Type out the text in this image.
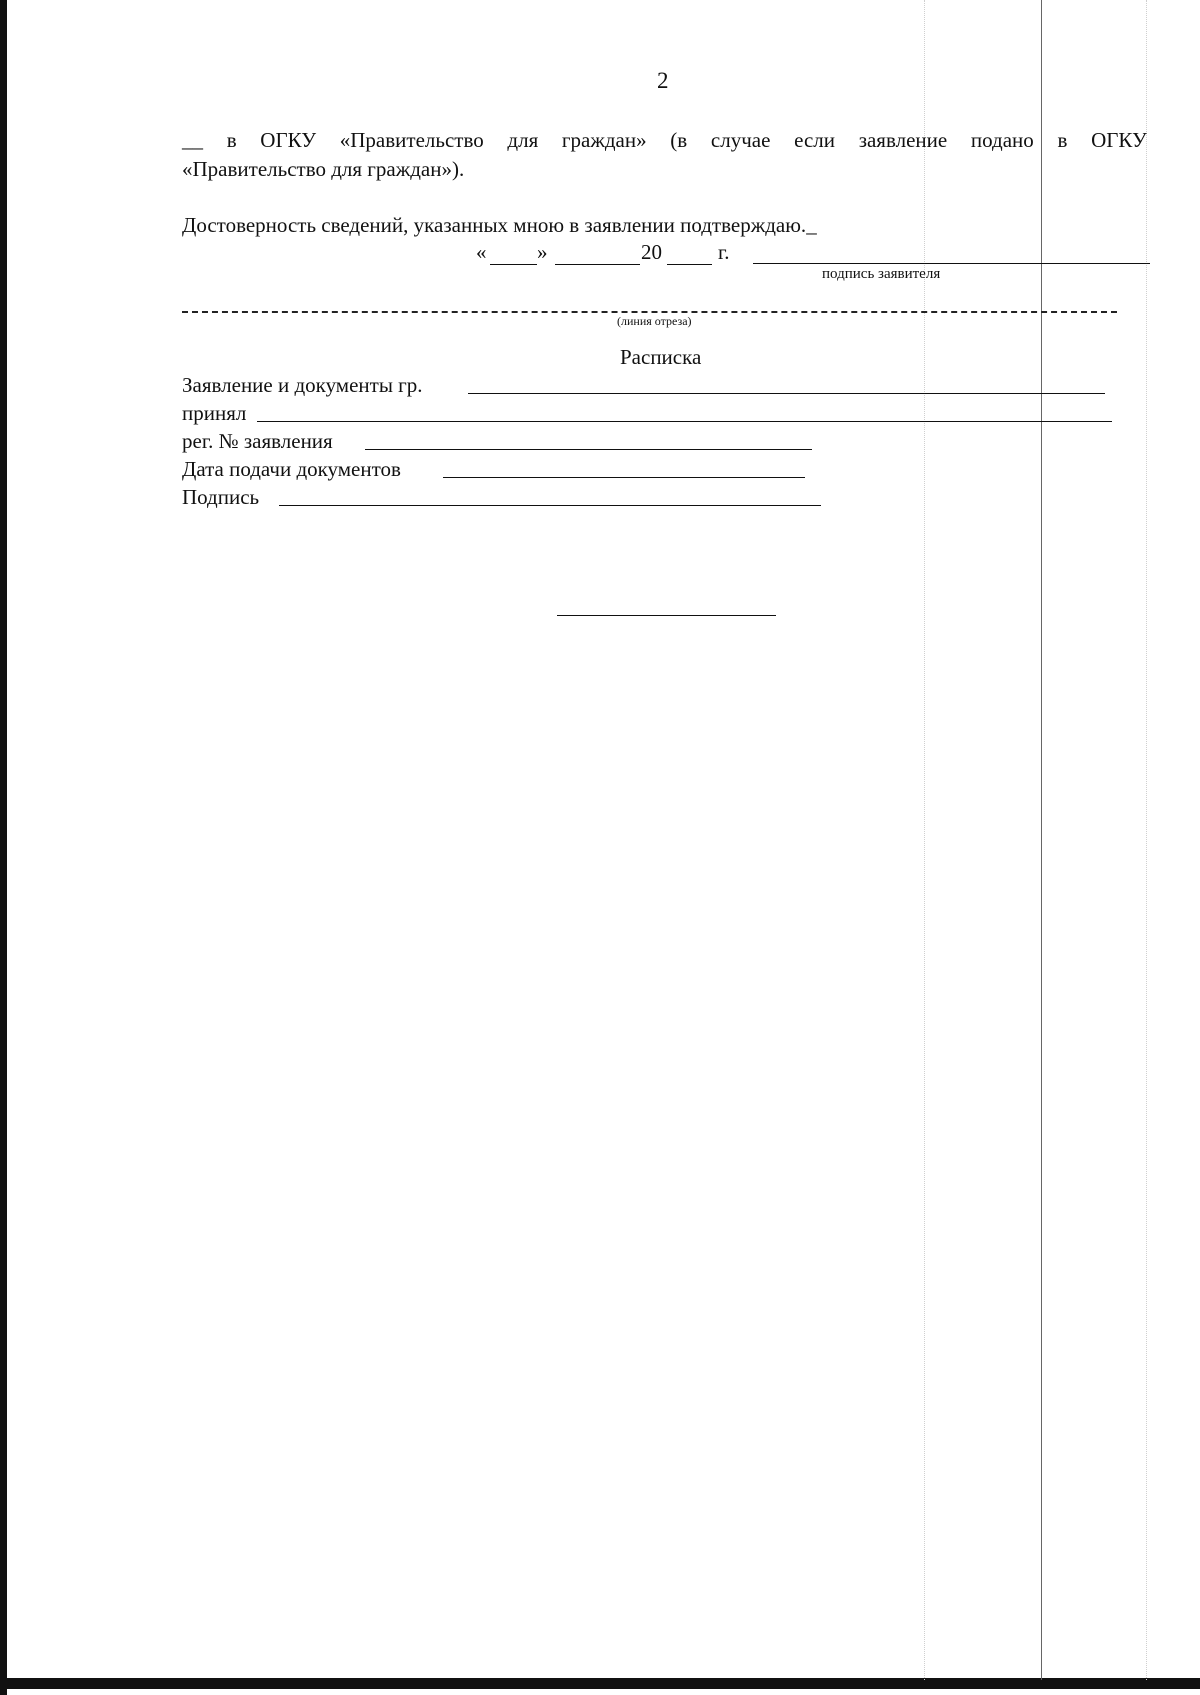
2
__ в ОГКУ «Правительство для граждан» (в случае если заявление подано в ОГКУ
«Правительство для граждан»).
Достоверность сведений, указанных мною в заявлении подтверждаю._
« »	20	г.
подпись заявителя
(линия отреза)
Расписка
Заявление и документы гр.
принял
рег. № заявления
Дата подачи документов
Подпись
